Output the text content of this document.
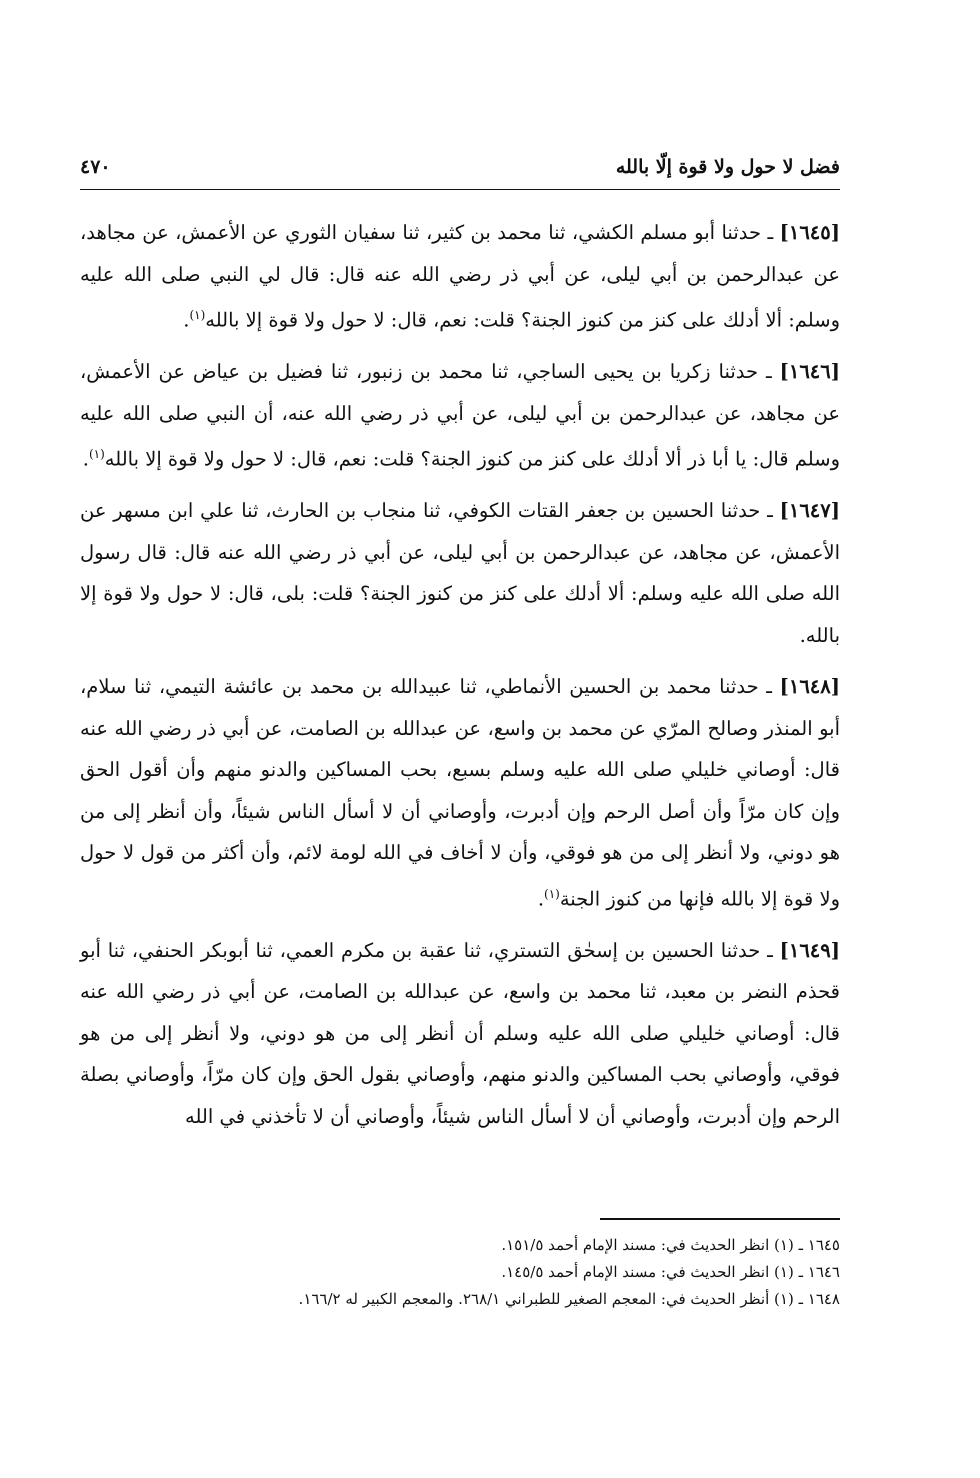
فضل لا حول ولا قوة إلّا بالله
٤٧٠

[١٦٤٥] ـ حدثنا أبو مسلم الكشي، ثنا محمد بن كثير، ثنا سفيان الثوري عن الأعمش، عن مجاهد، عن عبدالرحمن بن أبي ليلى، عن أبي ذر رضي الله عنه قال: قال لي النبي صلى الله عليه وسلم: ألا أدلك على كنز من كنوز الجنة؟ قلت: نعم، قال: لا حول ولا قوة إلا بالله$^{(١)}$.

[١٦٤٦] ـ حدثنا زكريا بن يحيى الساجي، ثنا محمد بن زنبور، ثنا فضيل بن عياض عن الأعمش، عن مجاهد، عن عبدالرحمن بن أبي ليلى، عن أبي ذر رضي الله عنه، أن النبي صلى الله عليه وسلم قال: يا أبا ذر ألا أدلك على كنز من كنوز الجنة؟ قلت: نعم، قال: لا حول ولا قوة إلا بالله$^{(١)}$.

[١٦٤٧] ـ حدثنا الحسين بن جعفر القتات الكوفي، ثنا منجاب بن الحارث، ثنا علي ابن مسهر عن الأعمش، عن مجاهد، عن عبدالرحمن بن أبي ليلى، عن أبي ذر رضي الله عنه قال: قال رسول الله صلى الله عليه وسلم: ألا أدلك على كنز من كنوز الجنة؟ قلت: بلى، قال: لا حول ولا قوة إلا بالله.

[١٦٤٨] ـ حدثنا محمد بن الحسين الأنماطي، ثنا عبيدالله بن محمد بن عائشة التيمي، ثنا سلام، أبو المنذر وصالح المرّي عن محمد بن واسع، عن عبدالله بن الصامت، عن أبي ذر رضي الله عنه قال: أوصاني خليلي صلى الله عليه وسلم بسبع، بحب المساكين والدنو منهم وأن أقول الحق وإن كان مرّاً وأن أصل الرحم وإن أدبرت، وأوصاني أن لا أسأل الناس شيئاً، وأن أنظر إلى من هو دوني، ولا أنظر إلى من هو فوقي، وأن لا أخاف في الله لومة لائم، وأن أكثر من قول لا حول ولا قوة إلا بالله فإنها من كنوز الجنة$^{(١)}$.

[١٦٤٩] ـ حدثنا الحسين بن إسحٰق التستري، ثنا عقبة بن مكرم العمي، ثنا أبوبكر الحنفي، ثنا أبو قحذم النضر بن معبد، ثنا محمد بن واسع، عن عبدالله بن الصامت، عن أبي ذر رضي الله عنه قال: أوصاني خليلي صلى الله عليه وسلم أن أنظر إلى من هو دوني، ولا أنظر إلى من هو فوقي، وأوصاني بحب المساكين والدنو منهم، وأوصاني بقول الحق وإن كان مرّاً، وأوصاني بصلة الرحم وإن أدبرت، وأوصاني أن لا أسأل الناس شيئاً، وأوصاني أن لا تأخذني في الله

١٦٤٥ ـ (١) انظر الحديث في: مسند الإمام أحمد ١٥١/٥.
١٦٤٦ ـ (١) انظر الحديث في: مسند الإمام أحمد ١٤٥/٥.
١٦٤٨ ـ (١) أنظر الحديث في: المعجم الصغير للطبراني ٢٦٨/١. والمعجم الكبير له ١٦٦/٢.
